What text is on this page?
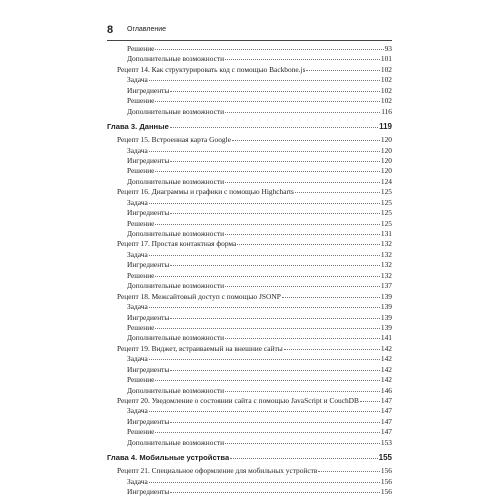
8 Оглавление
Решение	93
Дополнительные возможности	101
Рецепт 14. Как структурировать код с помощью Backbone.js	102
Задача	102
Ингредиенты	102
Решение	102
Дополнительные возможности	116
Глава 3. Данные	119
Рецепт 15. Встроенная карта Google	120
Задача	120
Ингредиенты	120
Решение	120
Дополнительные возможности	124
Рецепт 16. Диаграммы и графики с помощью Highcharts	125
Задача	125
Ингредиенты	125
Решение	125
Дополнительные возможности	131
Рецепт 17. Простая контактная форма	132
Задача	132
Ингредиенты	132
Решение	132
Дополнительные возможности	137
Рецепт 18. Межсайтовый доступ с помощью JSONP	139
Задача	139
Ингредиенты	139
Решение	139
Дополнительные возможности	141
Рецепт 19. Виджет, встраиваемый на внешние сайты	142
Задача	142
Ингредиенты	142
Решение	142
Дополнительные возможности	146
Рецепт 20. Уведомление о состоянии сайта с помощью JavaScript и CouchDB	147
Задача	147
Ингредиенты	147
Решение	147
Дополнительные возможности	153
Глава 4. Мобильные устройства	155
Рецепт 21. Специальное оформление для мобильных устройств	156
Задача	156
Ингредиенты	156
